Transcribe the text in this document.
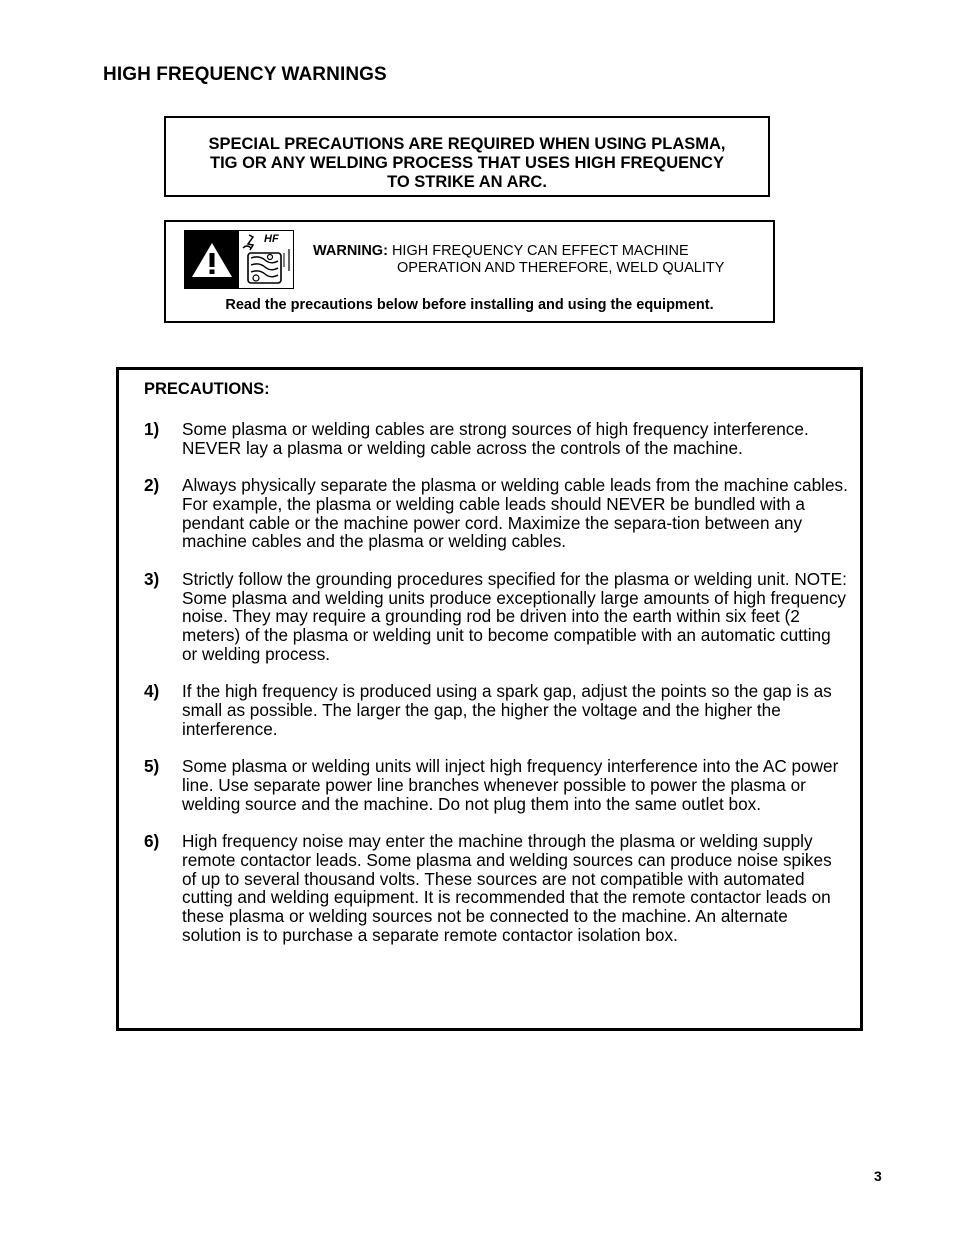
HIGH FREQUENCY WARNINGS
SPECIAL PRECAUTIONS ARE REQUIRED WHEN USING PLASMA,
TIG OR ANY WELDING PROCESS THAT USES HIGH FREQUENCY
TO STRIKE AN ARC.
HF
WARNING: HIGH FREQUENCY CAN EFFECT MACHINE
OPERATION AND THEREFORE, WELD QUALITY
Read the precautions below before installing and using the equipment.
PRECAUTIONS:
1) Some plasma or welding cables are strong sources of high frequency interference. NEVER lay a plasma or welding cable across the controls of the machine.
2) Always physically separate the plasma or welding cable leads from the machine cables. For example, the plasma or welding cable leads should NEVER be bundled with a pendant cable or the machine power cord. Maximize the separa-tion between any machine cables and the plasma or welding cables.
3) Strictly follow the grounding procedures specified for the plasma or welding unit. NOTE: Some plasma and welding units produce exceptionally large amounts of high frequency noise. They may require a grounding rod be driven into the earth within six feet (2 meters) of the plasma or welding unit to become compatible with an automatic cutting or welding process.
4) If the high frequency is produced using a spark gap, adjust the points so the gap is as small as possible. The larger the gap, the higher the voltage and the higher the interference.
5) Some plasma or welding units will inject high frequency interference into the AC power line. Use separate power line branches whenever possible to power the plasma or welding source and the machine. Do not plug them into the same outlet box.
6) High frequency noise may enter the machine through the plasma or welding supply remote contactor leads. Some plasma and welding sources can produce noise spikes of up to several thousand volts. These sources are not compatible with automated cutting and welding equipment. It is recommended that the remote contactor leads on these plasma or welding sources not be connected to the machine. An alternate solution is to purchase a separate remote contactor isolation box.
3
